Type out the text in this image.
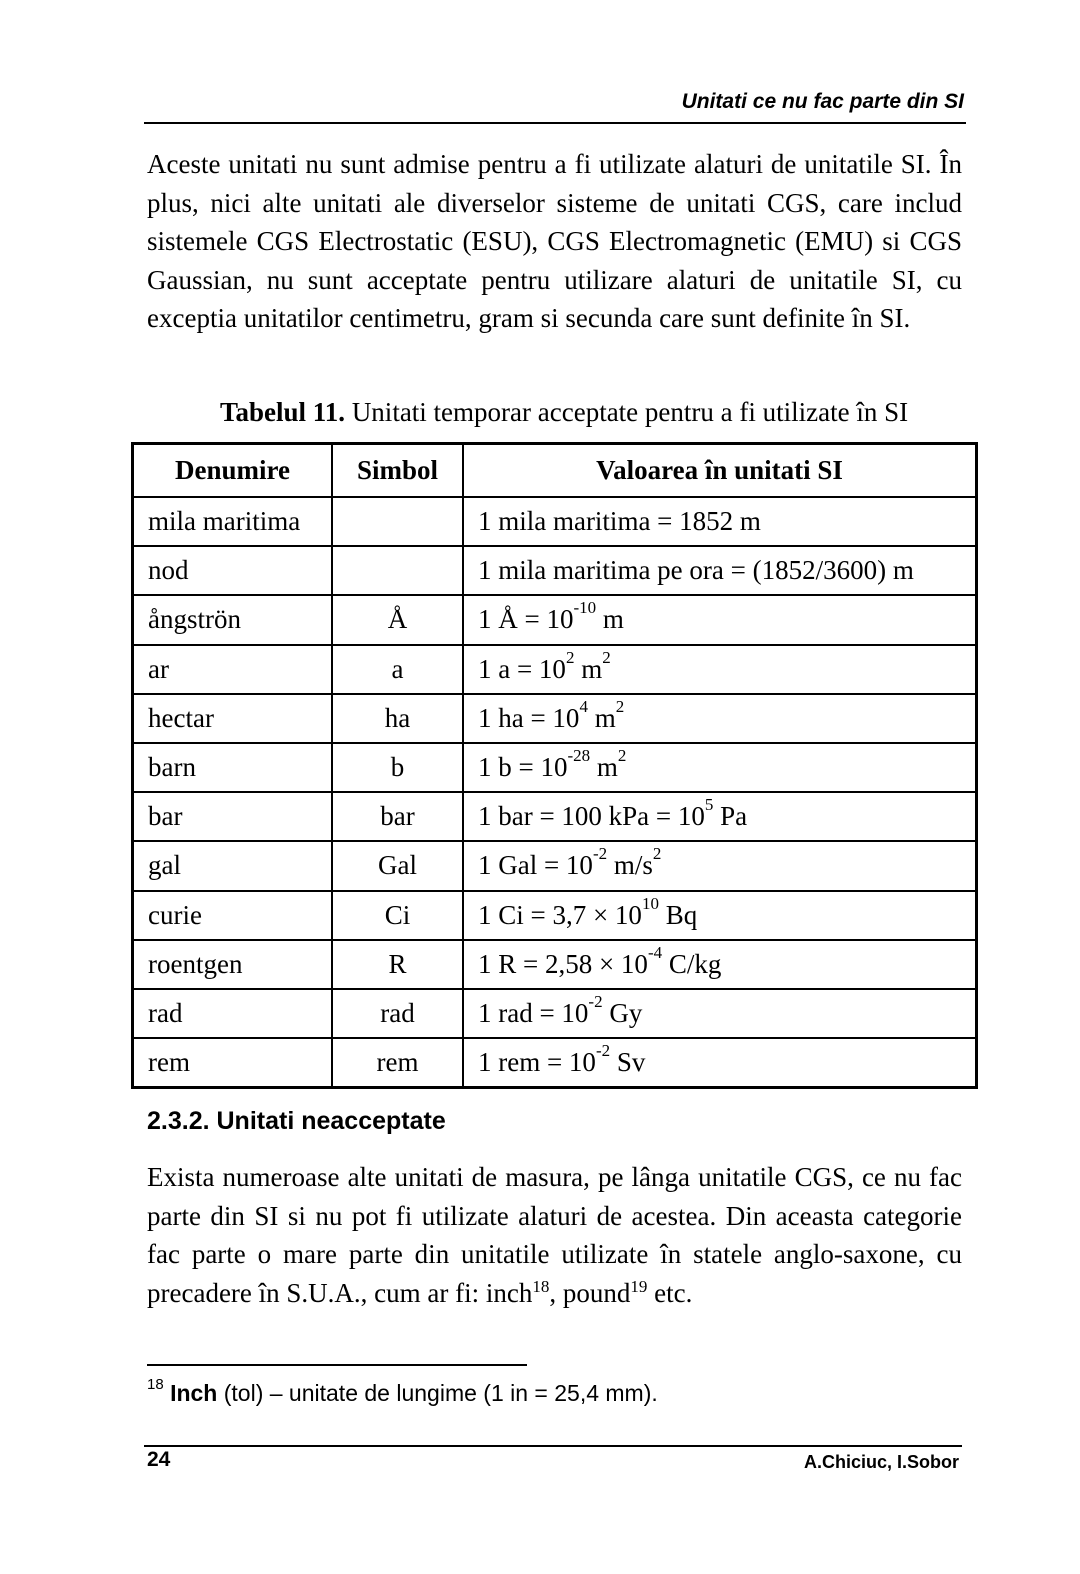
Unitati ce nu fac parte din SI

Aceste unitati nu sunt admise pentru a fi utilizate alaturi de unitatile SI. În plus, nici alte unitati ale diverselor sisteme de unitati CGS, care includ sistemele CGS Electrostatic (ESU), CGS Electromagnetic (EMU) si CGS Gaussian, nu sunt acceptate pentru utilizare alaturi de unitatile SI, cu exceptia unitatilor centimetru, gram si secunda care sunt definite în SI.

Tabelul 11. Unitati temporar acceptate pentru a fi utilizate în SI
Denumire	Simbol	Valoarea în unitati SI
mila maritima		1 mila maritima = 1852 m
nod		1 mila maritima pe ora = (1852/3600) m
ångströn	Å	1 Å = $10^{-10}$ m
ar	a	1 $a = 10^2$ $m^2$
hectar	ha	1 ha = $10^4$ $m^2$
barn	b	1 $b = 10^{-28}$ $m^2$
bar	bar	1 bar = 100 kPa = $10^5$ Pa
gal	Gal	1 Gal = $10^{-2}$ $m/s^2$
curie	Ci	1 $Ci = 3,7 \times 10^{10}$ Bq
roentgen	R	1 $R = 2,58 \times 10^{-4}$ C/kg
rad	rad	1 rad = $10^{-2}$ Gy
rem	rem	1 rem = $10^{-2}$ Sv
2.3.2. Unitati neacceptate

Exista numeroase alte unitati de masura, pe lânga unitatile CGS, ce nu fac parte din SI si nu pot fi utilizate alaturi de acestea. Din aceasta categorie fac parte o mare parte din unitatile utilizate în statele anglo-saxone, cu precadere în S.U.A., cum ar fi: inch$^{18}$, pound$^{19}$ etc.

$^{18}$ Inch (tol) – unitate de lungime (1 in = 25,4 mm).
24	A.Chiciuc, I.Sobor
